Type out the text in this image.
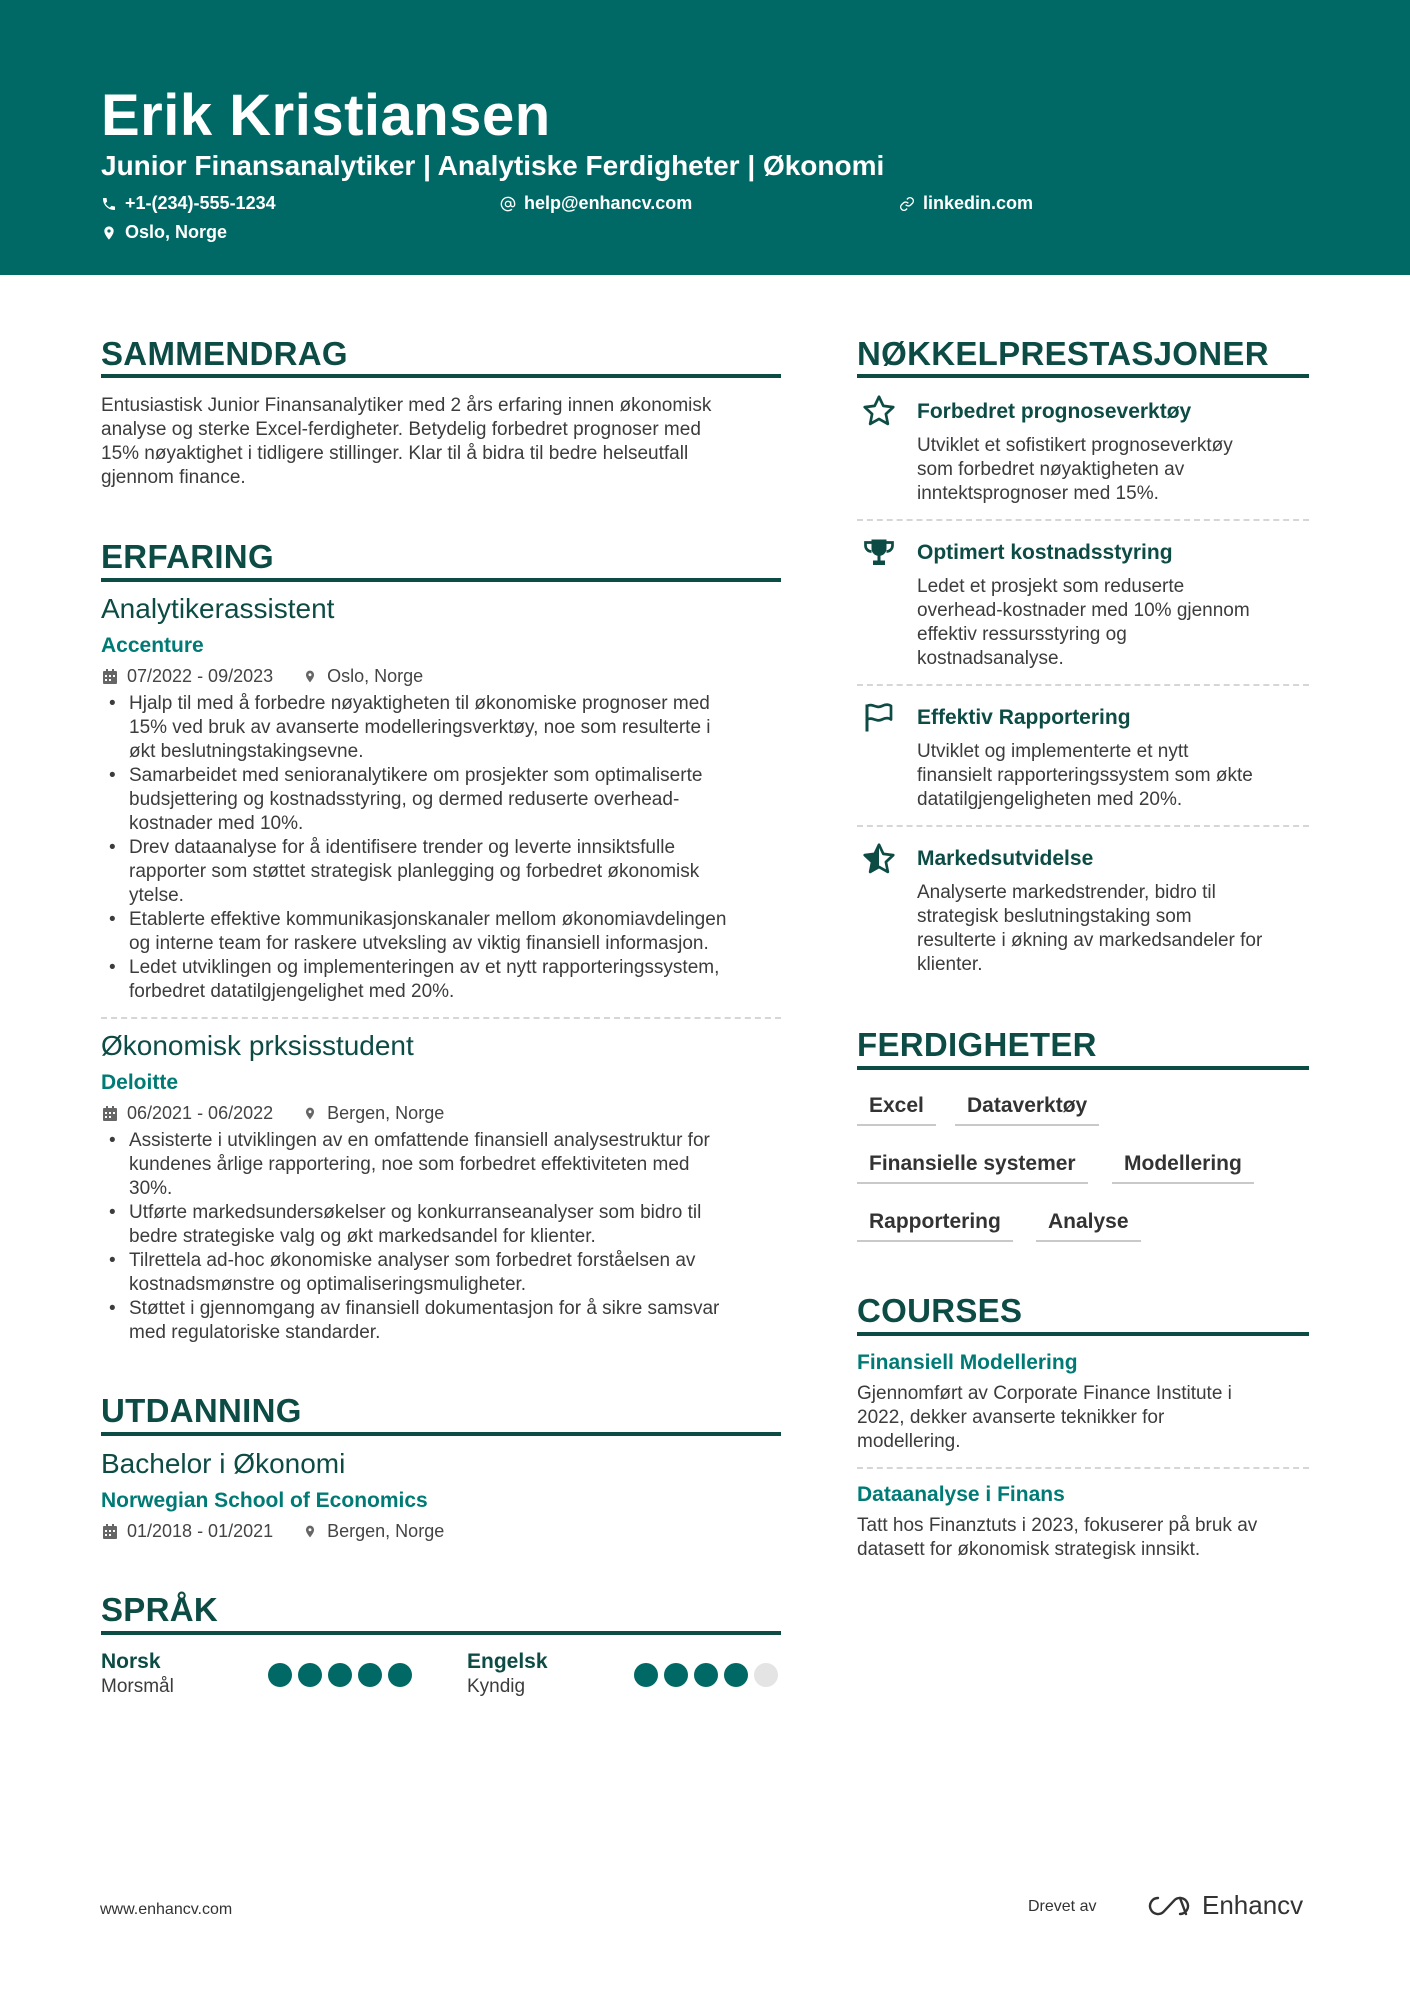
Erik Kristiansen
Junior Finansanalytiker | Analytiske Ferdigheter | Økonomi
+1-(234)-555-1234	help@enhancv.com	linkedin.com
Oslo, Norge
SAMMENDRAG
Entusiastisk Junior Finansanalytiker med 2 års erfaring innen økonomisk
analyse og sterke Excel-ferdigheter. Betydelig forbedret prognoser med
15% nøyaktighet i tidligere stillinger. Klar til å bidra til bedre helseutfall
gjennom finance.
ERFARING
Analytikerassistent
Accenture
07/2022 - 09/2023	Oslo, Norge
• Hjalp til med å forbedre nøyaktigheten til økonomiske prognoser med
15% ved bruk av avanserte modelleringsverktøy, noe som resulterte i
økt beslutningstakingsevne.
• Samarbeidet med senioranalytikere om prosjekter som optimaliserte
budsjettering og kostnadsstyring, og dermed reduserte overhead-
kostnader med 10%.
• Drev dataanalyse for å identifisere trender og leverte innsiktsfulle
rapporter som støttet strategisk planlegging og forbedret økonomisk
ytelse.
• Etablerte effektive kommunikasjonskanaler mellom økonomiavdelingen
og interne team for raskere utveksling av viktig finansiell informasjon.
• Ledet utviklingen og implementeringen av et nytt rapporteringssystem,
forbedret datatilgjengelighet med 20%.
Økonomisk prksisstudent
Deloitte
06/2021 - 06/2022	Bergen, Norge
• Assisterte i utviklingen av en omfattende finansiell analysestruktur for
kundenes årlige rapportering, noe som forbedret effektiviteten med
30%.
• Utførte markedsundersøkelser og konkurranseanalyser som bidro til
bedre strategiske valg og økt markedsandel for klienter.
• Tilrettela ad-hoc økonomiske analyser som forbedret forståelsen av
kostnadsmønstre og optimaliseringsmuligheter.
• Støttet i gjennomgang av finansiell dokumentasjon for å sikre samsvar
med regulatoriske standarder.
UTDANNING
Bachelor i Økonomi
Norwegian School of Economics
01/2018 - 01/2021	Bergen, Norge
SPRÅK
Norsk
Morsmål
Engelsk
Kyndig
NØKKELPRESTASJONER
Forbedret prognoseverktøy
Utviklet et sofistikert prognoseverktøy
som forbedret nøyaktigheten av
inntektsprognoser med 15%.
Optimert kostnadsstyring
Ledet et prosjekt som reduserte
overhead-kostnader med 10% gjennom
effektiv ressursstyring og
kostnadsanalyse.
Effektiv Rapportering
Utviklet og implementerte et nytt
finansielt rapporteringssystem som økte
datatilgjengeligheten med 20%.
Markedsutvidelse
Analyserte markedstrender, bidro til
strategisk beslutningstaking som
resulterte i økning av markedsandeler for
klienter.
FERDIGHETER
Excel	Dataverktøy
Finansielle systemer	Modellering
Rapportering	Analyse
COURSES
Finansiell Modellering
Gjennomført av Corporate Finance Institute i
2022, dekker avanserte teknikker for
modellering.
Dataanalyse i Finans
Tatt hos Finanztuts i 2023, fokuserer på bruk av
datasett for økonomisk strategisk innsikt.
www.enhancv.com	Drevet av	Enhancv
